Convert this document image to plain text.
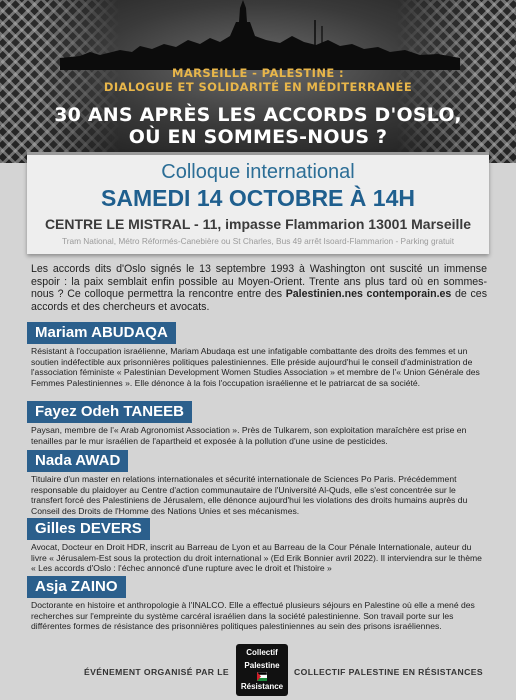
MARSEILLE - PALESTINE :
DIALOGUE ET SOLIDARITÉ EN MÉDITERRANÉE
30 ANS APRÈS LES ACCORDS D'OSLO,
OÙ EN SOMMES-NOUS ?
Colloque international
SAMEDI 14 OCTOBRE À 14H
CENTRE LE MISTRAL - 11, impasse Flammarion 13001 Marseille
Tram National, Métro Réformés-Canebière ou St Charles, Bus 49 arrêt Isoard-Flammarion - Parking gratuit
Les accords dits d'Oslo signés le 13 septembre 1993 à Washington ont suscité un immense espoir : la paix semblait enfin possible au Moyen-Orient. Trente ans plus tard où en sommes-nous ? Ce colloque permettra la rencontre entre des Palestinien.nes contemporain.es de ces accords et des chercheurs et avocats.
Mariam ABUDAQA
Résistant à l'occupation israélienne, Mariam Abudaqa est une infatigable combattante des droits des femmes et un soutien indéfectible aux prisonnières politiques palestiniennes. Elle préside aujourd'hui le conseil d'administration de l'association féministe « Palestinian Development Women Studies Association » et membre de l'« Union Générale des Femmes Palestiniennes ». Elle dénonce à la fois l'occupation israélienne et le patriarcat de sa société.
Fayez Odeh TANEEB
Paysan, membre de l'« Arab Agronomist Association ». Près de Tulkarem, son exploitation maraîchère est prise en tenailles par le mur israélien de l'apartheid et exposée à la pollution d'une usine de pesticides.
Nada AWAD
Titulaire d'un master en relations internationales et sécurité internationale de Sciences Po Paris. Précédemment responsable du plaidoyer au Centre d'action communautaire de l'Université Al-Quds, elle s'est concentrée sur le transfert forcé des Palestiniens de Jérusalem, elle dénonce aujourd'hui les violations des droits humains auprès du Conseil des Droits de l'Homme des Nations Unies et ses mécanismes.
Gilles DEVERS
Avocat, Docteur en Droit HDR, inscrit au Barreau de Lyon et au Barreau de la Cour Pénale Internationale, auteur du livre « Jérusalem-Est sous la protection du droit international » (Ed Erik Bonnier avril 2022). Il interviendra sur le thème « Les accords d'Oslo : l'échec annoncé d'une rupture avec le droit et l'histoire »
Asja ZAINO
Doctorante en histoire et anthropologie à l'INALCO. Elle a effectué plusieurs séjours en Palestine où elle a mené des recherches sur l'empreinte du système carcéral israélien dans la société palestinienne. Son travail porte sur les différentes formes de résistance des prisonnières politiques palestiniennes au sein des prisons israéliennes.
ÉVÉNEMENT ORGANISÉ PAR LE
Collectif
Palestine
Résistance
COLLECTIF PALESTINE EN RÉSISTANCES
